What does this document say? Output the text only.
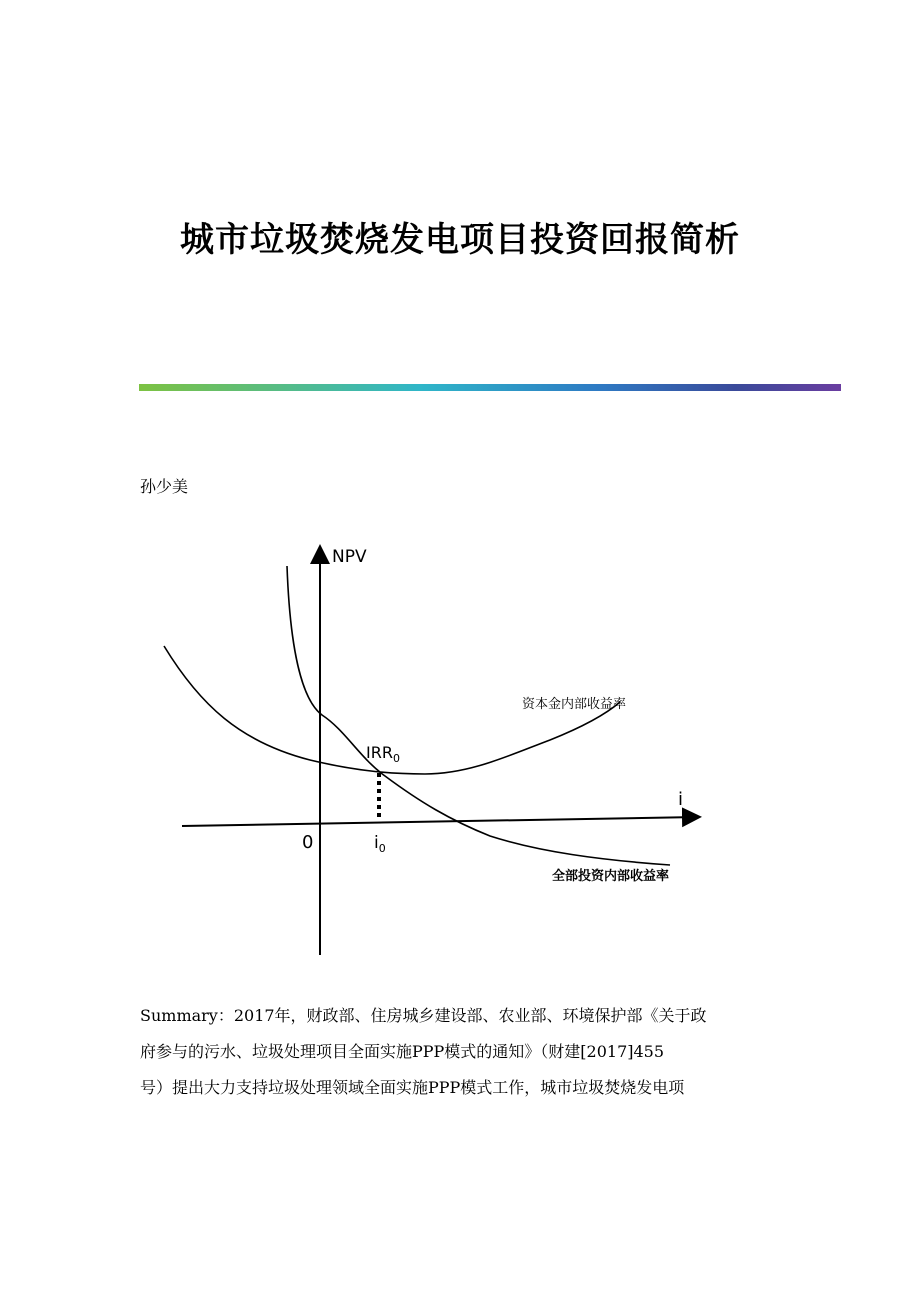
城市垃圾焚烧发电项目投资回报简析
孙少美
NPV
i
0
$IRR_0$
$i_0$
资本金内部收益率
全部投资内部收益率
Summary：2017年，财政部、住房城乡建设部、农业部、环境保护部《关于政
府参与的污水、垃圾处理项目全面实施PPP模式的通知》（财建[2017]455
号）提出大力支持垃圾处理领域全面实施PPP模式工作，城市垃圾焚烧发电项
